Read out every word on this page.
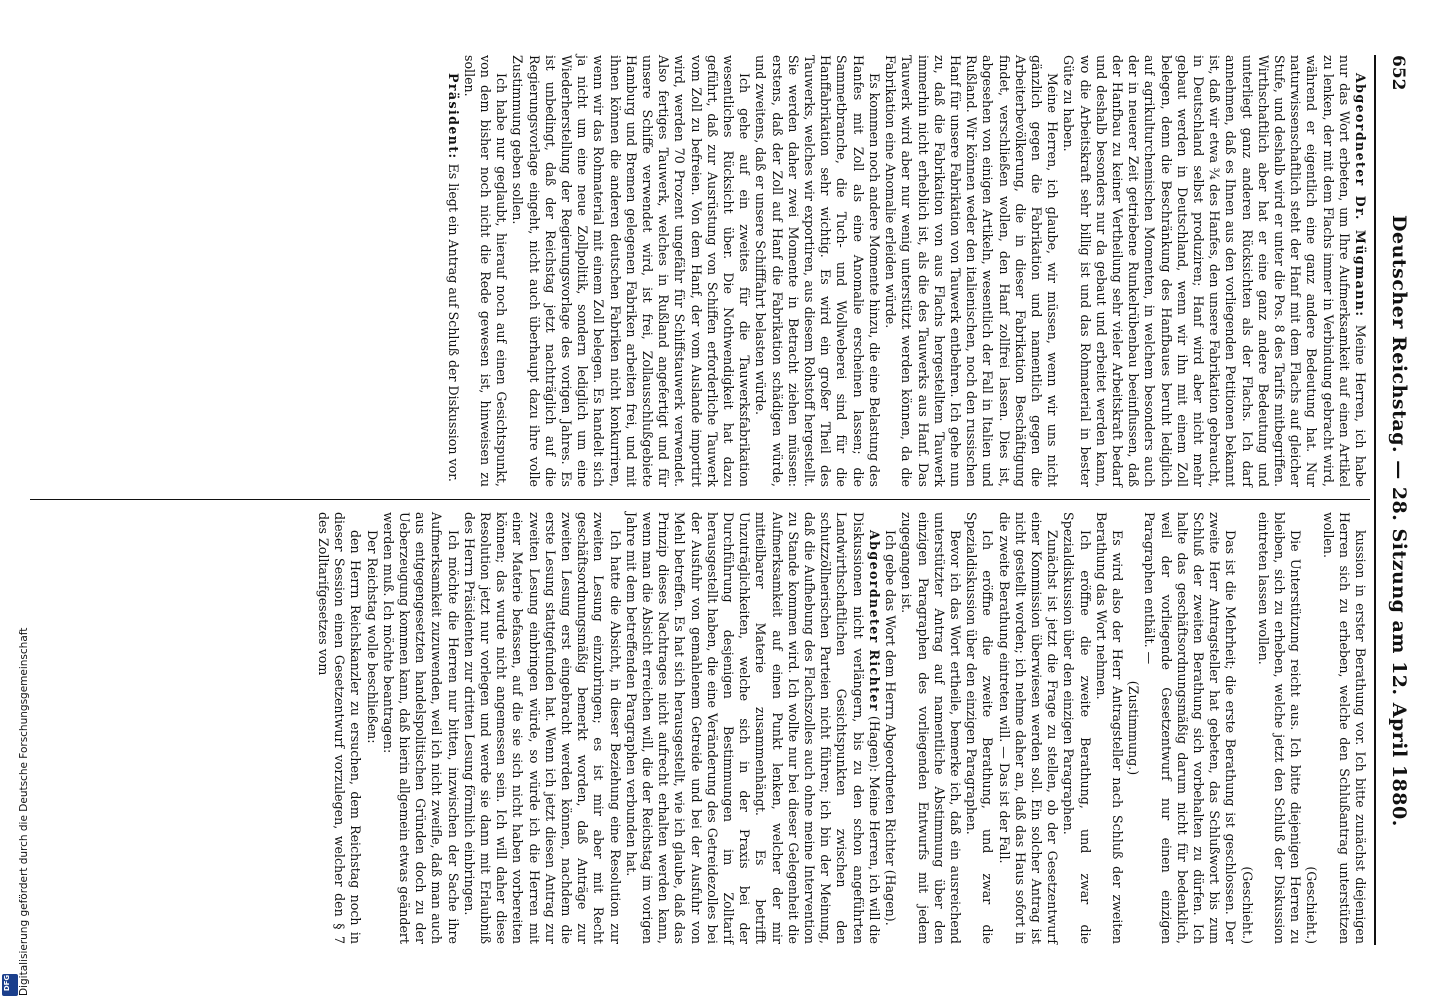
652
Deutscher Reichstag. — 28. Sitzung am 12. April 1880.

Abgeordneter Dr. Mügmann: Meine Herren, ich habe nur das Wort erbeten, um Ihre Aufmerksamkeit auf einen Artikel zu lenken, der mit dem Flachs immer in Verbindung gebracht wird, während er eigentlich eine ganz andere Bedeutung hat. Nur naturwissenschaftlich steht der Hanf mit dem Flachs auf gleicher Stufe, und deshalb wird er unter die Pos. 8 des Tarifs mitbegriffen. Wirthschaftlich aber hat er eine ganz andere Bedeutung und unterliegt ganz anderen Rücksichten als der Flachs. Ich darf annehmen, daß es Ihnen aus den vorliegenden Petitionen bekannt ist, daß wir etwa ¾ des Hanfes, den unsere Fabrikation gebraucht, in Deutschland selbst produziren; Hanf wird aber nicht mehr gebaut werden in Deutschland, wenn wir ihn mit einem Zoll belegen, denn die Beschränkung des Hanfbaues beruht lediglich auf agrikulturchemischen Momenten, in welchem besonders auch der in neuerer Zeit getriebene Runkelrübenbau beeinflussen, daß der Hanfbau zu keiner Vertheilung sehr vieler Arbeitskraft bedarf und deshalb besonders nur da gebaut und erbeitet werden kann, wo die Arbeitskraft sehr billig ist und das Rohmaterial in bester Güte zu haben.

Meine Herren, ich glaube, wir müssen, wenn wir uns nicht gänzlich gegen die Fabrikation und namentlich gegen die Arbeiterbevölkerung, die in dieser Fabrikation Beschäftigung findet, verschließen wollen, den Hanf zollfrei lassen. Dies ist, abgesehen von einigen Artikeln, wesentlich der Fall in Italien und Rußland. Wir können weder den italienischen, noch den russischen Hanf für unsere Fabrikation von Tauwerk entbehren. Ich gehe nun zu, daß die Fabrikation von aus Flachs hergestelltem Tauwerk immerhin nicht erheblich ist, als die des Tauwerks aus Hanf. Das Tauwerk wird aber nur wenig unterstützt werden können, da die Fabrikation eine Anomalie erleiden würde.

Es kommen noch andere Momente hinzu, die eine Belastung des Hanfes mit Zoll als eine Anomalie erscheinen lassen; die Sammetbranche, die Tuch- und Wollweberei sind für die Hanffabrikation sehr wichtig. Es wird ein großer Theil des Tauwerks, welches wir exportiren, aus diesem Rohstoff hergestellt. Sie werden daher zwei Momente in Betracht ziehen müssen: erstens, daß der Zoll auf Hanf die Fabrikation schädigen würde, und zweitens, daß er unsere Schifffahrt belasten würde.

Ich gehe auf ein zweites für die Tauwerksfabrikation wesentliches Rücksicht über. Die Nothwendigkeit hat dazu geführt, daß zur Ausrüstung von Schiffen erforderliche Tauwerk vom Zoll zu befreien. Von dem Hanf, der vom Auslande importirt wird, werden 70 Prozent ungefähr für Schiffstauwerk verwendet. Also fertiges Tauwerk, welches in Rußland angefertigt und für unsere Schiffe verwendet wird, ist frei, Zollausschlußgebiete Hamburg und Bremen gelegenen Fabriken arbeiten frei, und mit ihnen können die anderen deutschen Fabriken nicht konkurriren, wenn wir das Rohmaterial mit einem Zoll belegen. Es handelt sich ja nicht um eine neue Zollpolitik, sondern lediglich um eine Wiederherstellung der Regierungsvorlage des vorigen Jahres. Es ist unbedingt, daß der Reichstag jetzt nachträglich auf die Regierungsvorlage eingeht, nicht auch überhaupt dazu ihre volle Zustimmung geben sollen.

Ich habe nur geglaubt, hierauf noch auf einen Gesichtspunkt, von dem bisher noch nicht die Rede gewesen ist, hinweisen zu sollen.

Präsident: Es liegt ein Antrag auf Schluß der Diskussion vor.

kussion in erster Berathung vor. Ich bitte zunächst diejenigen Herren sich zu erheben, welche den Schlußantrag unterstützen wollen.

(Geschieht.)

Die Unterstützung reicht aus. Ich bitte diejenigen Herren zu bleiben, sich zu erheben, welche jetzt den Schluß der Diskussion eintreten lassen wollen.

(Geschieht.)

Das ist die Mehrheit; die erste Berathung ist geschlossen. Der zweite Herr Antragsteller hat gebeten, das Schlußwort bis zum Schluß der zweiten Berathung sich vorbehalten zu dürfen. Ich halte das geschäftsordnungsmäßig darum nicht für bedenklich, weil der vorliegende Gesetzentwurf nur einen einzigen Paragraphen enthält. —

(Zustimmung.)

Es wird also der Herr Antragsteller nach Schluß der zweiten Berathung das Wort nehmen.

Ich eröffne die zweite Berathung, und zwar die Spezialdiskussion über den einzigen Paragraphen.

Zunächst ist jetzt die Frage zu stellen, ob der Gesetzentwurf einer Kommission überwiesen werden soll. Ein solcher Antrag ist nicht gestellt worden; ich nehme daher an, daß das Haus sofort in die zweite Berathung eintreten will. — Das ist der Fall.

Ich eröffne die zweite Berathung, und zwar die Spezialdiskussion über den einzigen Paragraphen.

Bevor ich das Wort ertheile, bemerke ich, daß ein ausreichend unterstützter Antrag auf namentliche Abstimmung über den einzigen Paragraphen des vorliegenden Entwurfs mit jedem zugegangen ist.

Ich gebe das Wort dem Herrn Abgeordneten Richter (Hagen).

Abgeordneter Richter (Hagen): Meine Herren, ich will die Diskussionen nicht verlängern, bis zu den schon angeführten Landwirthschaftlichen Gesichtspunkten zwischen den schutzzöllnerischen Parteien nicht führen; ich bin der Meinung, daß die Aufhebung des Flachszolles auch ohne meine Intervention zu Stande kommen wird. Ich wollte nur bei dieser Gelegenheit die Aufmerksamkeit auf einen Punkt lenken, welcher der mir mitteilbarer Materie zusammenhängt. Es betrifft Unzuträglichkeiten, welche sich in der Praxis bei der Durchführung desjenigen Bestimmungen im Zolltarif herausgestellt haben, die eine Veränderung des Getreidezolles bei der Ausfuhr von gemahlenem Getreide und bei der Ausfuhr von Mehl betreffen. Es hat sich herausgestellt, wie ich glaube, daß das Prinzip dieses Nachtrages nicht aufrecht erhalten werden kann, wenn man die Absicht erreichen will, die der Reichstag im vorigen Jahre mit dem betreffenden Paragraphen verbunden hat.

Ich hatte die Absicht, in dieser Beziehung eine Resolution zur zweiten Lesung einzubringen; es ist mir aber mit Recht geschäftsordnungsmäßig bemerkt worden, daß Anträge zur zweiten Lesung erst eingebracht werden können, nachdem die erste Lesung stattgefunden hat. Wenn ich jetzt diesen Antrag zur zweiten Lesung einbringen würde, so würde ich die Herren mit einer Materie befassen, auf die sie sich nicht haben vorbereiten können; das wurde nicht angemessen sein. Ich will daher diese Resolution jetzt nur vorlegen und werde sie dann mit Erlaubniß des Herrn Präsidenten zur dritten Lesung förmlich einbringen.

Ich möchte die Herren nur bitten, inzwischen der Sache ihre Aufmerksamkeit zuzuwenden, weil ich nicht zweifle, daß man auch aus entgegengesetzten handelspolitischen Gründen doch zu der Ueberzeugung kommen kann, daß hierin allgemein etwas geändert werden muß. Ich möchte beantragen:

Der Reichstag wolle beschließen:

den Herrn Reichskanzler zu ersuchen, dem Reichstag noch in dieser Session einen Gesetzentwurf vorzulegen, welcher den § 7 des Zolltarifgesetzes vom

Digitalisierung gefördert durch die Deutsche Forschungsgemeinschaft
DFG
